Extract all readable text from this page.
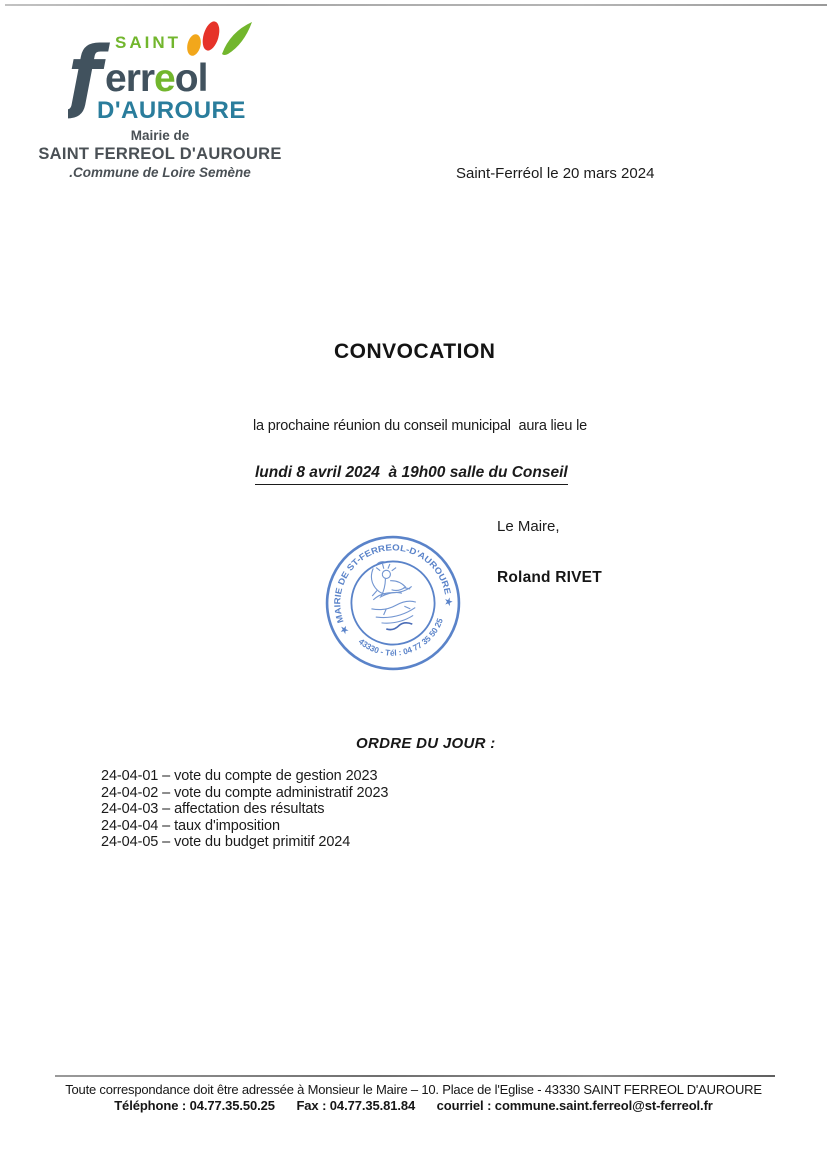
ƒ SAINT
erreol
D'AUROURE
Mairie de
SAINT FERREOL D'AUROURE
.Commune de Loire Semène	Saint-Ferréol le 20 mars 2024
CONVOCATION
la prochaine réunion du conseil municipal  aura lieu le
lundi 8 avril 2024  à 19h00 salle du Conseil
Le Maire,
Roland RIVET
★ MAIRIE DE ST-FERREOL-D'AUROURE ★
43330 - Tél : 04 77 35 50 25
ORDRE DU JOUR :
24-04-01 – vote du compte de gestion 2023
24-04-02 – vote du compte administratif 2023
24-04-03 – affectation des résultats
24-04-04 – taux d'imposition
24-04-05 – vote du budget primitif 2024
Toute correspondance doit être adressée à Monsieur le Maire – 10. Place de l'Eglise - 43330 SAINT FERREOL D'AUROURE
Téléphone : 04.77.35.50.25 Fax : 04.77.35.81.84 courriel : commune.saint.ferreol@st-ferreol.fr
